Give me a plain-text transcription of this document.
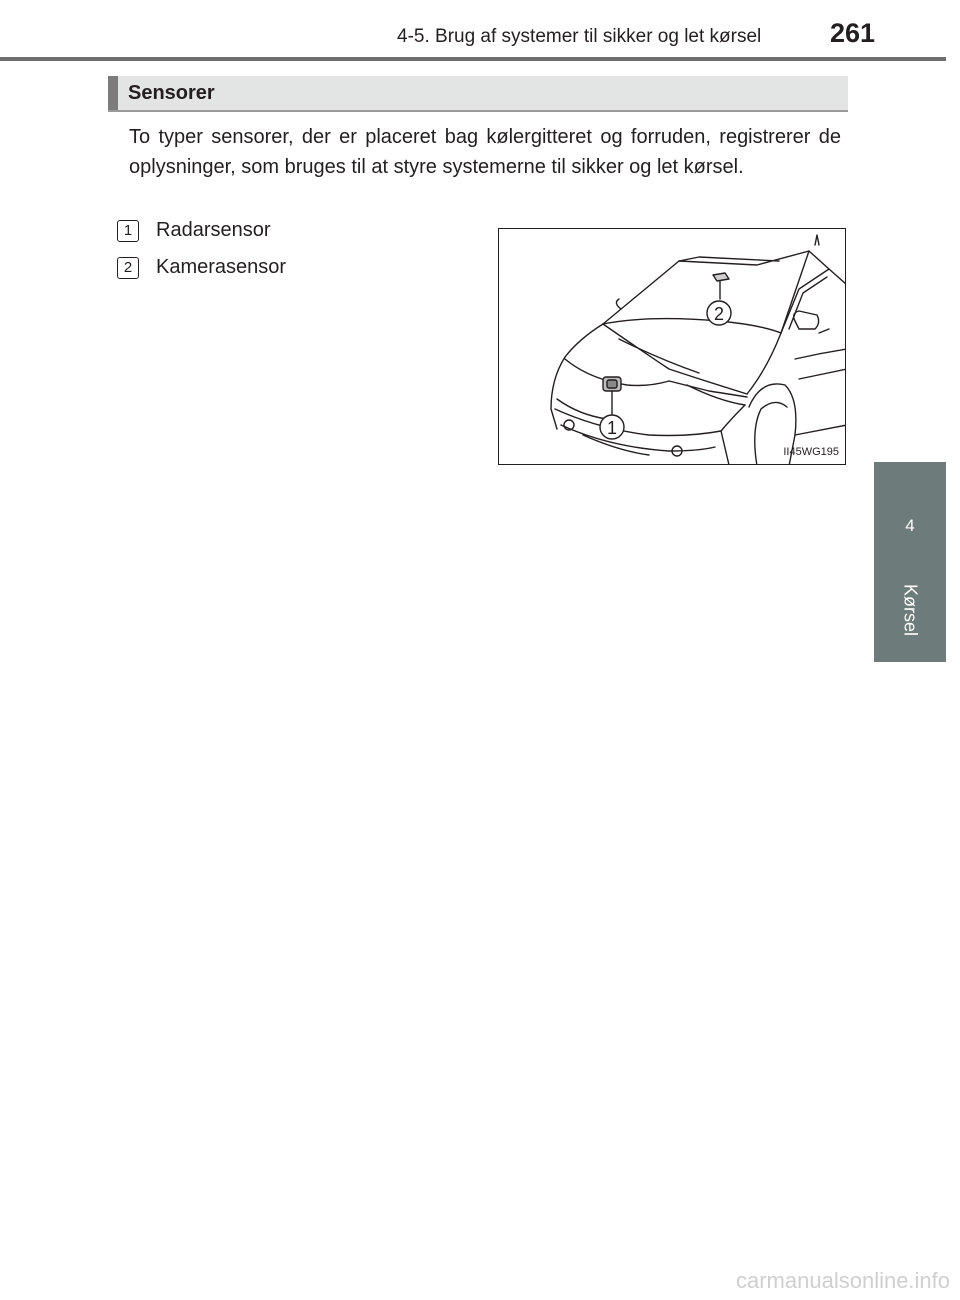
4-5. Brug af systemer til sikker og let kørsel	261
4
Kørsel
Sensorer

To typer sensorer, der er placeret bag kølergitteret og forruden, registrerer de oplysninger, som bruges til at styre systemerne til sikker og let kørsel.

1	Radarsensor
2	Kamerasensor
2
1
II45WG195
carmanualsonline.info
